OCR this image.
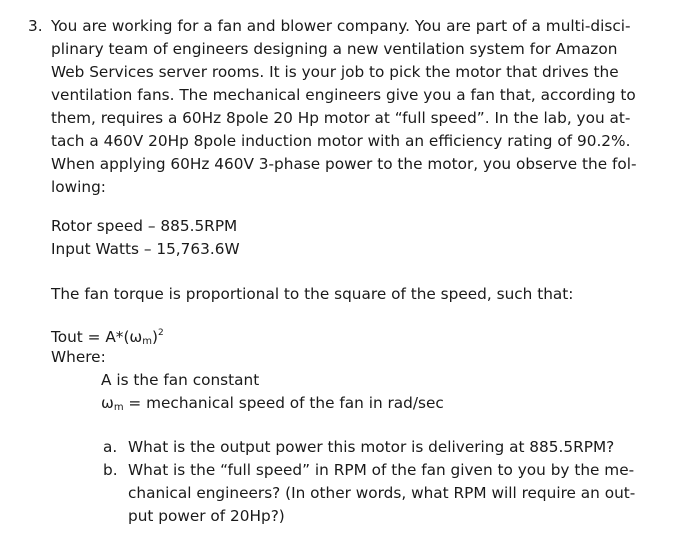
3. You are working for a fan and blower company. You are part of a multi-disci-
plinary team of engineers designing a new ventilation system for Amazon
Web Services server rooms. It is your job to pick the motor that drives the
ventilation fans. The mechanical engineers give you a fan that, according to
them, requires a 60Hz 8pole 20 Hp motor at “full speed”. In the lab, you at-
tach a 460V 20Hp 8pole induction motor with an efficiency rating of 90.2%.
When applying 60Hz 460V 3-phase power to the motor, you observe the fol-
lowing:
Rotor speed – 885.5RPM
Input Watts – 15,763.6W
The fan torque is proportional to the square of the speed, such that:
Tout = $A*(\omega_m)^2$
Where:
A is the fan constant
$\omega_m$ = mechanical speed of the fan in rad/sec
a. What is the output power this motor is delivering at 885.5RPM?
b. What is the “full speed” in RPM of the fan given to you by the me-
chanical engineers? (In other words, what RPM will require an out-
put power of 20Hp?)
